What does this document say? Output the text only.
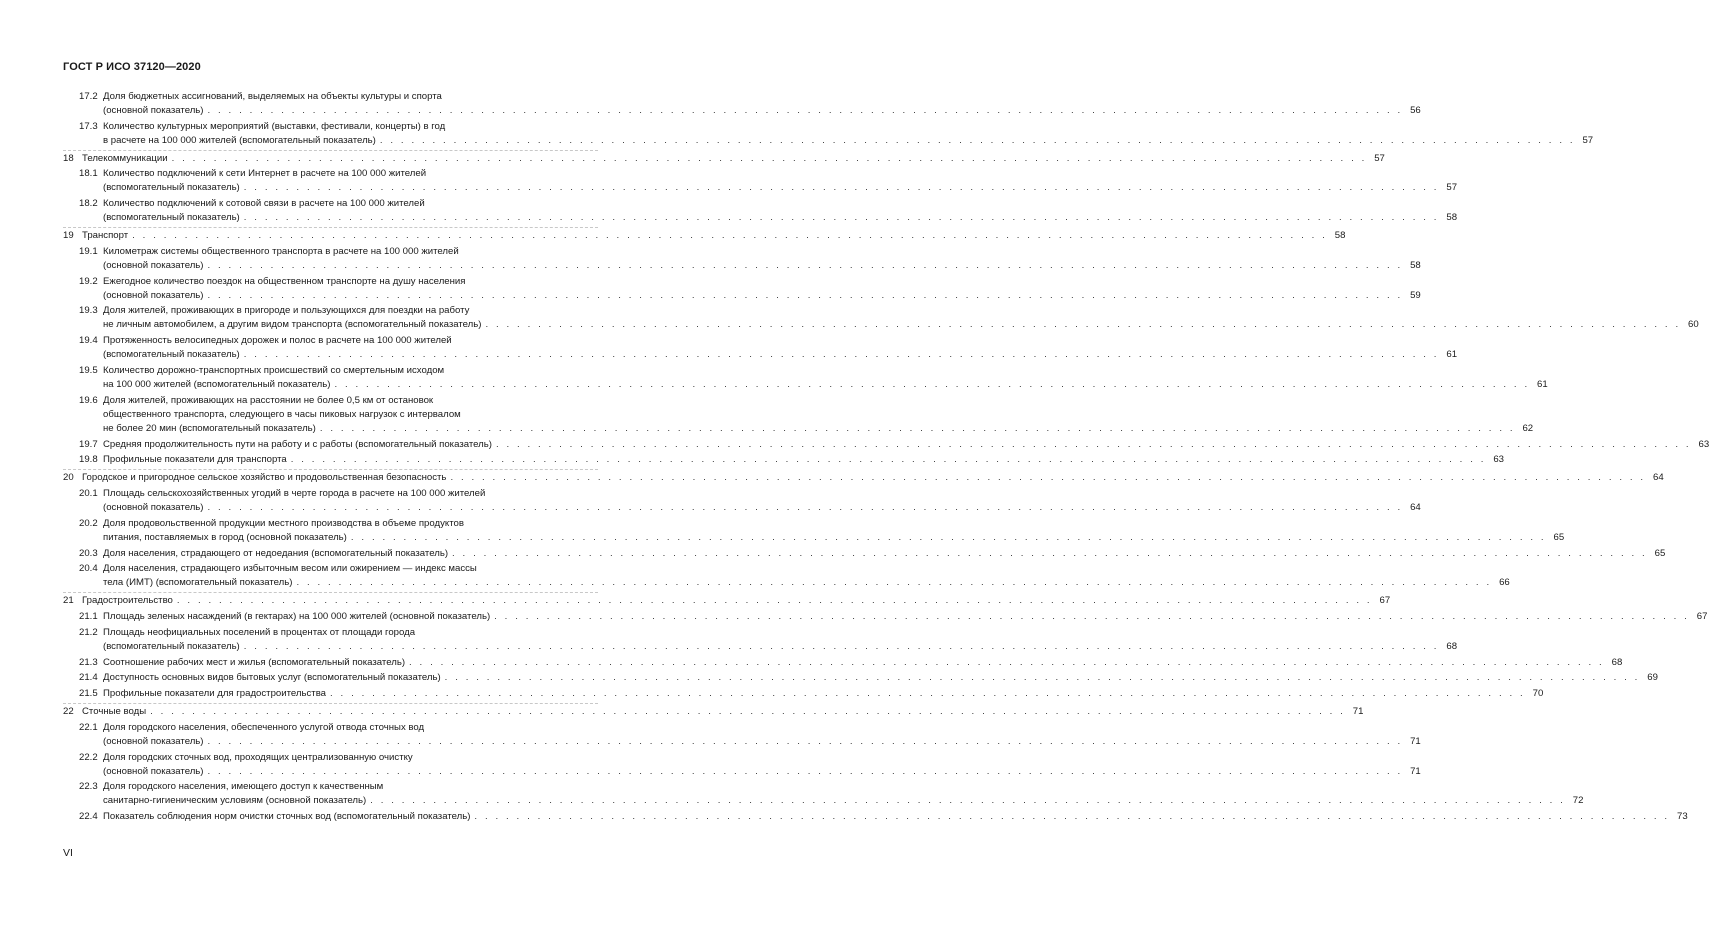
ГОСТ Р ИСО 37120—2020
17.2 Доля бюджетных ассигнований, выделяемых на объекты культуры и спорта
(основной показатель) . . . . . . . . . . . . . . . . . . . . . . . . . . . . . . . . . . . . . . . . . . . . . . . . . . . . . . . . . . . . . . . . . . . . . . . . . . . . . . . . . . . . . . . . . . . . . . . . . . . . . . . . . . . . . . . . . . 56
17.3 Количество культурных мероприятий (выставки, фестивали, концерты) в год
в расчете на 100 000 жителей (вспомогательный показатель) . . . . . . . . . . . . . . . . . . . . . . . . . . . . . . . . . . . . . . . . . . . . . . . . . . . . . . . . . . . . . . . . . . . . . . . . . . . . . . . . . . . . . . . . . . . . . . . . . . . . . . . . . . . . . . . . . . 57
18 Телекоммуникации . . . . . . . . . . . . . . . . . . . . . . . . . . . . . . . . . . . . . . . . . . . . . . . . . . . . . . . . . . . . . . . . . . . . . . . . . . . . . . . . . . . . . . . . . . . . . . . . . . . . . . . . . . . . . . . . . . 57
18.1 Количество подключений к сети Интернет в расчете на 100 000 жителей
(вспомогательный показатель) . . . . . . . . . . . . . . . . . . . . . . . . . . . . . . . . . . . . . . . . . . . . . . . . . . . . . . . . . . . . . . . . . . . . . . . . . . . . . . . . . . . . . . . . . . . . . . . . . . . . . . . . . . . . . . . . . . 57
18.2 Количество подключений к сотовой связи в расчете на 100 000 жителей
(вспомогательный показатель) . . . . . . . . . . . . . . . . . . . . . . . . . . . . . . . . . . . . . . . . . . . . . . . . . . . . . . . . . . . . . . . . . . . . . . . . . . . . . . . . . . . . . . . . . . . . . . . . . . . . . . . . . . . . . . . . . . 58
19 Транспорт . . . . . . . . . . . . . . . . . . . . . . . . . . . . . . . . . . . . . . . . . . . . . . . . . . . . . . . . . . . . . . . . . . . . . . . . . . . . . . . . . . . . . . . . . . . . . . . . . . . . . . . . . . . . . . . . . . 58
19.1 Километраж системы общественного транспорта в расчете на 100 000 жителей
(основной показатель) . . . . . . . . . . . . . . . . . . . . . . . . . . . . . . . . . . . . . . . . . . . . . . . . . . . . . . . . . . . . . . . . . . . . . . . . . . . . . . . . . . . . . . . . . . . . . . . . . . . . . . . . . . . . . . . . . . 58
19.2 Ежегодное количество поездок на общественном транспорте на душу населения
(основной показатель) . . . . . . . . . . . . . . . . . . . . . . . . . . . . . . . . . . . . . . . . . . . . . . . . . . . . . . . . . . . . . . . . . . . . . . . . . . . . . . . . . . . . . . . . . . . . . . . . . . . . . . . . . . . . . . . . . . 59
19.3 Доля жителей, проживающих в пригороде и пользующихся для поездки на работу
не личным автомобилем, а другим видом транспорта (вспомогательный показатель) . . . . . . . . . . . . . . . . . . . . . . . . . . . . . . . . . . . . . . . . . . . . . . . . . . . . . . . . . . . . . . . . . . . . . . . . . . . . . . . . . . . . . . . . . . . . . . . . . . . . . . . . . . . . . . . . . . 60
19.4 Протяженность велосипедных дорожек и полос в расчете на 100 000 жителей
(вспомогательный показатель) . . . . . . . . . . . . . . . . . . . . . . . . . . . . . . . . . . . . . . . . . . . . . . . . . . . . . . . . . . . . . . . . . . . . . . . . . . . . . . . . . . . . . . . . . . . . . . . . . . . . . . . . . . . . . . . . . . 61
19.5 Количество дорожно-транспортных происшествий со смертельным исходом
на 100 000 жителей (вспомогательный показатель) . . . . . . . . . . . . . . . . . . . . . . . . . . . . . . . . . . . . . . . . . . . . . . . . . . . . . . . . . . . . . . . . . . . . . . . . . . . . . . . . . . . . . . . . . . . . . . . . . . . . . . . . . . . . . . . . . . 61
19.6 Доля жителей, проживающих на расстоянии не более 0,5 км от остановок
общественного транспорта, следующего в часы пиковых нагрузок с интервалом
не более 20 мин (вспомогательный показатель) . . . . . . . . . . . . . . . . . . . . . . . . . . . . . . . . . . . . . . . . . . . . . . . . . . . . . . . . . . . . . . . . . . . . . . . . . . . . . . . . . . . . . . . . . . . . . . . . . . . . . . . . . . . . . . . . . . 62
19.7 Средняя продолжительность пути на работу и с работы (вспомогательный показатель) . . . . . . . . . . . . . . . . . . . . . . . . . . . . . . . . . . . . . . . . . . . . . . . . . . . . . . . . . . . . . . . . . . . . . . . . . . . . . . . . . . . . . . . . . . . . . . . . . . . . . . . . . . . . . . . . . . 63
19.8 Профильные показатели для транспорта . . . . . . . . . . . . . . . . . . . . . . . . . . . . . . . . . . . . . . . . . . . . . . . . . . . . . . . . . . . . . . . . . . . . . . . . . . . . . . . . . . . . . . . . . . . . . . . . . . . . . . . . . . . . . . . . . . 63
20 Городское и пригородное сельское хозяйство и продовольственная безопасность . . . . . . . . . . . . . . . . . . . . . . . . . . . . . . . . . . . . . . . . . . . . . . . . . . . . . . . . . . . . . . . . . . . . . . . . . . . . . . . . . . . . . . . . . . . . . . . . . . . . . . . . . . . . . . . . . . 64
20.1 Площадь сельскохозяйственных угодий в черте города в расчете на 100 000 жителей
(основной показатель) . . . . . . . . . . . . . . . . . . . . . . . . . . . . . . . . . . . . . . . . . . . . . . . . . . . . . . . . . . . . . . . . . . . . . . . . . . . . . . . . . . . . . . . . . . . . . . . . . . . . . . . . . . . . . . . . . . 64
20.2 Доля продовольственной продукции местного производства в объеме продуктов
питания, поставляемых в город (основной показатель) . . . . . . . . . . . . . . . . . . . . . . . . . . . . . . . . . . . . . . . . . . . . . . . . . . . . . . . . . . . . . . . . . . . . . . . . . . . . . . . . . . . . . . . . . . . . . . . . . . . . . . . . . . . . . . . . . . 65
20.3 Доля населения, страдающего от недоедания (вспомогательный показатель) . . . . . . . . . . . . . . . . . . . . . . . . . . . . . . . . . . . . . . . . . . . . . . . . . . . . . . . . . . . . . . . . . . . . . . . . . . . . . . . . . . . . . . . . . . . . . . . . . . . . . . . . . . . . . . . . . . 65
20.4 Доля населения, страдающего избыточным весом или ожирением — индекс массы
тела (ИМТ) (вспомогательный показатель) . . . . . . . . . . . . . . . . . . . . . . . . . . . . . . . . . . . . . . . . . . . . . . . . . . . . . . . . . . . . . . . . . . . . . . . . . . . . . . . . . . . . . . . . . . . . . . . . . . . . . . . . . . . . . . . . . . 66
21 Градостроительство . . . . . . . . . . . . . . . . . . . . . . . . . . . . . . . . . . . . . . . . . . . . . . . . . . . . . . . . . . . . . . . . . . . . . . . . . . . . . . . . . . . . . . . . . . . . . . . . . . . . . . . . . . . . . . . . . . 67
21.1 Площадь зеленых насаждений (в гектарах) на 100 000 жителей (основной показатель) . . . . . . . . . . . . . . . . . . . . . . . . . . . . . . . . . . . . . . . . . . . . . . . . . . . . . . . . . . . . . . . . . . . . . . . . . . . . . . . . . . . . . . . . . . . . . . . . . . . . . . . . . . . . . . . . . . 67
21.2 Площадь неофициальных поселений в процентах от площади города
(вспомогательный показатель) . . . . . . . . . . . . . . . . . . . . . . . . . . . . . . . . . . . . . . . . . . . . . . . . . . . . . . . . . . . . . . . . . . . . . . . . . . . . . . . . . . . . . . . . . . . . . . . . . . . . . . . . . . . . . . . . . . 68
21.3 Соотношение рабочих мест и жилья (вспомогательный показатель) . . . . . . . . . . . . . . . . . . . . . . . . . . . . . . . . . . . . . . . . . . . . . . . . . . . . . . . . . . . . . . . . . . . . . . . . . . . . . . . . . . . . . . . . . . . . . . . . . . . . . . . . . . . . . . . . . . 68
21.4 Доступность основных видов бытовых услуг (вспомогательный показатель) . . . . . . . . . . . . . . . . . . . . . . . . . . . . . . . . . . . . . . . . . . . . . . . . . . . . . . . . . . . . . . . . . . . . . . . . . . . . . . . . . . . . . . . . . . . . . . . . . . . . . . . . . . . . . . . . . . 69
21.5 Профильные показатели для градостроительства . . . . . . . . . . . . . . . . . . . . . . . . . . . . . . . . . . . . . . . . . . . . . . . . . . . . . . . . . . . . . . . . . . . . . . . . . . . . . . . . . . . . . . . . . . . . . . . . . . . . . . . . . . . . . . . . . . 70
22 Сточные воды . . . . . . . . . . . . . . . . . . . . . . . . . . . . . . . . . . . . . . . . . . . . . . . . . . . . . . . . . . . . . . . . . . . . . . . . . . . . . . . . . . . . . . . . . . . . . . . . . . . . . . . . . . . . . . . . . . 71
22.1 Доля городского населения, обеспеченного услугой отвода сточных вод
(основной показатель) . . . . . . . . . . . . . . . . . . . . . . . . . . . . . . . . . . . . . . . . . . . . . . . . . . . . . . . . . . . . . . . . . . . . . . . . . . . . . . . . . . . . . . . . . . . . . . . . . . . . . . . . . . . . . . . . . . 71
22.2 Доля городских сточных вод, проходящих централизованную очистку
(основной показатель) . . . . . . . . . . . . . . . . . . . . . . . . . . . . . . . . . . . . . . . . . . . . . . . . . . . . . . . . . . . . . . . . . . . . . . . . . . . . . . . . . . . . . . . . . . . . . . . . . . . . . . . . . . . . . . . . . . 71
22.3 Доля городского населения, имеющего доступ к качественным
санитарно-гигиеническим условиям (основной показатель) . . . . . . . . . . . . . . . . . . . . . . . . . . . . . . . . . . . . . . . . . . . . . . . . . . . . . . . . . . . . . . . . . . . . . . . . . . . . . . . . . . . . . . . . . . . . . . . . . . . . . . . . . . . . . . . . . . 72
22.4 Показатель соблюдения норм очистки сточных вод (вспомогательный показатель) . . . . . . . . . . . . . . . . . . . . . . . . . . . . . . . . . . . . . . . . . . . . . . . . . . . . . . . . . . . . . . . . . . . . . . . . . . . . . . . . . . . . . . . . . . . . . . . . . . . . . . . . . . . . . . . . . . 73
VI
